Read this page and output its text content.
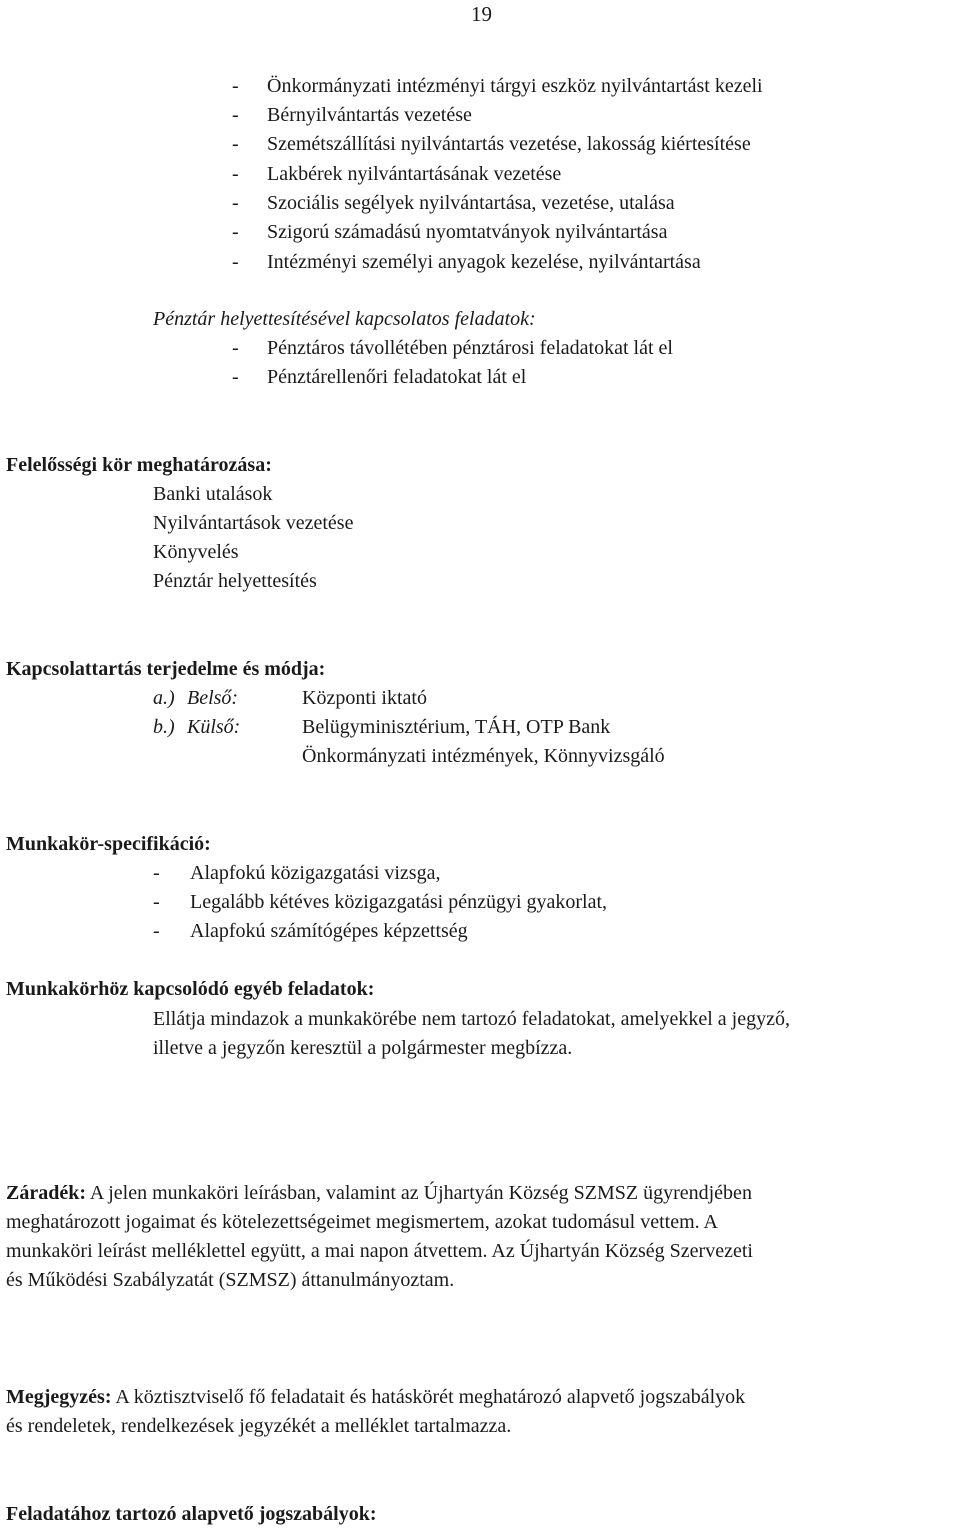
19
- Önkormányzati intézményi tárgyi eszköz nyilvántartást kezeli
- Bérnyilvántartás vezetése
- Szemétszállítási nyilvántartás vezetése, lakosság kiértesítése
- Lakbérek nyilvántartásának vezetése
- Szociális segélyek nyilvántartása, vezetése, utalása
- Szigorú számadású nyomtatványok nyilvántartása
- Intézményi személyi anyagok kezelése, nyilvántartása
Pénztár helyettesítésével kapcsolatos feladatok:
- Pénztáros távollétében pénztárosi feladatokat lát el
- Pénztárellenőri feladatokat lát el
Felelősségi kör meghatározása:
Banki utalások
Nyilvántartások vezetése
Könyvelés
Pénztár helyettesítés
Kapcsolattartás terjedelme és módja:
a.) Belső:	Központi iktató
b.) Külső:	Belügyminisztérium, TÁH, OTP Bank
Önkormányzati intézmények, Könnyvizsgáló
Munkakör-specifikáció:
- Alapfokú közigazgatási vizsga,
- Legalább kétéves közigazgatási pénzügyi gyakorlat,
- Alapfokú számítógépes képzettség
Munkakörhöz kapcsolódó egyéb feladatok:
Ellátja mindazok a munkakörébe nem tartozó feladatokat, amelyekkel a jegyző,
illetve a jegyzőn keresztül a polgármester megbízza.
Záradék: A jelen munkaköri leírásban, valamint az Újhartyán Község SZMSZ ügyrendjében
meghatározott jogaimat és kötelezettségeimet megismertem, azokat tudomásul vettem. A
munkaköri leírást melléklettel együtt, a mai napon átvettem. Az Újhartyán Község Szervezeti
és Működési Szabályzatát (SZMSZ) áttanulmányoztam.
Megjegyzés: A köztisztviselő fő feladatait és hatáskörét meghatározó alapvető jogszabályok
és rendeletek, rendelkezések jegyzékét a melléklet tartalmazza.
Feladatához tartozó alapvető jogszabályok:
